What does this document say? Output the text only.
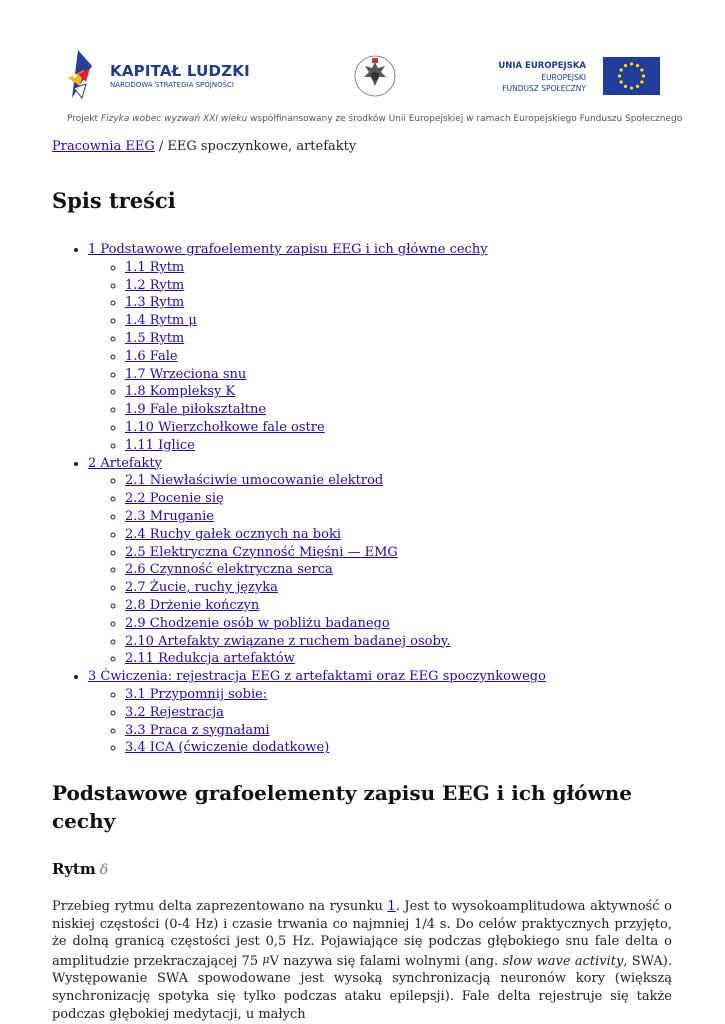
KAPITAŁ LUDZKI
NARODOWA STRATEGIA SPÓJNOŚCI
UNIA EUROPEJSKA
EUROPEJSKI
FUNDUSZ SPOŁECZNY
Projekt Fizyka wobec wyzwań XXI wieku współfinansowany ze środków Unii Europejskiej w ramach Europejskiego Funduszu Społecznego

Pracownia EEG / EEG spoczynkowe, artefakty

Spis treści
• 1 Podstawowe grafoelementy zapisu EEG i ich główne cechy
◦ 1.1 Rytm
◦ 1.2 Rytm
◦ 1.3 Rytm
◦ 1.4 Rytm μ
◦ 1.5 Rytm
◦ 1.6 Fale
◦ 1.7 Wrzeciona snu
◦ 1.8 Kompleksy K
◦ 1.9 Fale piłokształtne
◦ 1.10 Wierzchołkowe fale ostre
◦ 1.11 Iglice
• 2 Artefakty
◦ 2.1 Niewłaściwie umocowanie elektrod
◦ 2.2 Pocenie się
◦ 2.3 Mruganie
◦ 2.4 Ruchy gałek ocznych na boki
◦ 2.5 Elektryczna Czynność Mięśni — EMG
◦ 2.6 Czynność elektryczna serca
◦ 2.7 Żucie, ruchy języka
◦ 2.8 Drżenie kończyn
◦ 2.9 Chodzenie osób w pobliżu badanego
◦ 2.10 Artefakty związane z ruchem badanej osoby.
◦ 2.11 Redukcja artefaktów
• 3 Ćwiczenia: rejestracja EEG z artefaktami oraz EEG spoczynkowego
◦ 3.1 Przypomnij sobie:
◦ 3.2 Rejestracja
◦ 3.3 Praca z sygnałami
◦ 3.4 ICA (ćwiczenie dodatkowe)
Podstawowe grafoelementy zapisu EEG i ich główne cechy
Rytm δ

Przebieg rytmu delta zaprezentowano na rysunku 1. Jest to wysokoamplitudowa aktywność o niskiej częstości (0-4 Hz) i czasie trwania co najmniej 1/4 s. Do celów praktycznych przyjęto, że dolną granicą częstości jest 0,5 Hz. Pojawiające się podczas głębokiego snu fale delta o amplitudzie przekraczającej 75 μV nazywa się falami wolnymi (ang. slow wave activity, SWA). Występowanie SWA spowodowane jest wysoką synchronizacją neuronów kory (większą synchronizację spotyka się tylko podczas ataku epilepsji). Fale delta rejestruje się także podczas głębokiej medytacji, u małych
